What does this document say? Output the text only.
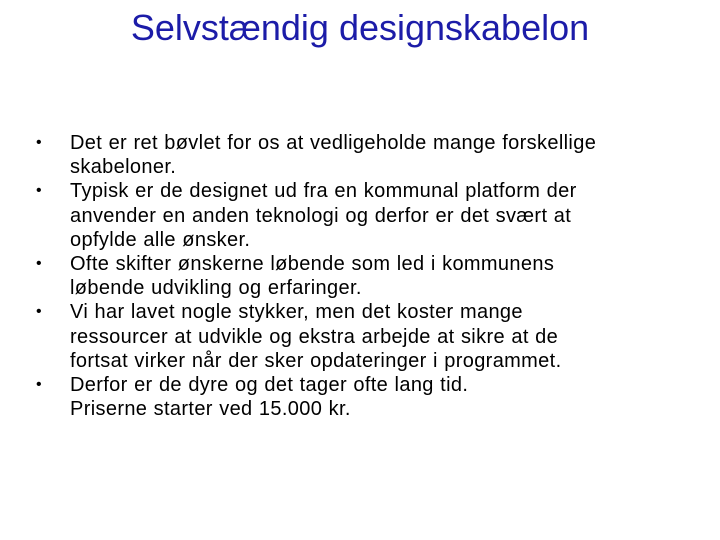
Selvstændig designskabelon
• Det er ret bøvlet for os at vedligeholde mange forskellige
skabeloner.
• Typisk er de designet ud fra en kommunal platform der
anvender en anden teknologi og derfor er det svært at
opfylde alle ønsker.
• Ofte skifter ønskerne løbende som led i kommunens
løbende udvikling og erfaringer.
• Vi har lavet nogle stykker, men det koster mange
ressourcer at udvikle og ekstra arbejde at sikre at de
fortsat virker når der sker opdateringer i programmet.
• Derfor er de dyre og det tager ofte lang tid.
Priserne starter ved 15.000 kr.
